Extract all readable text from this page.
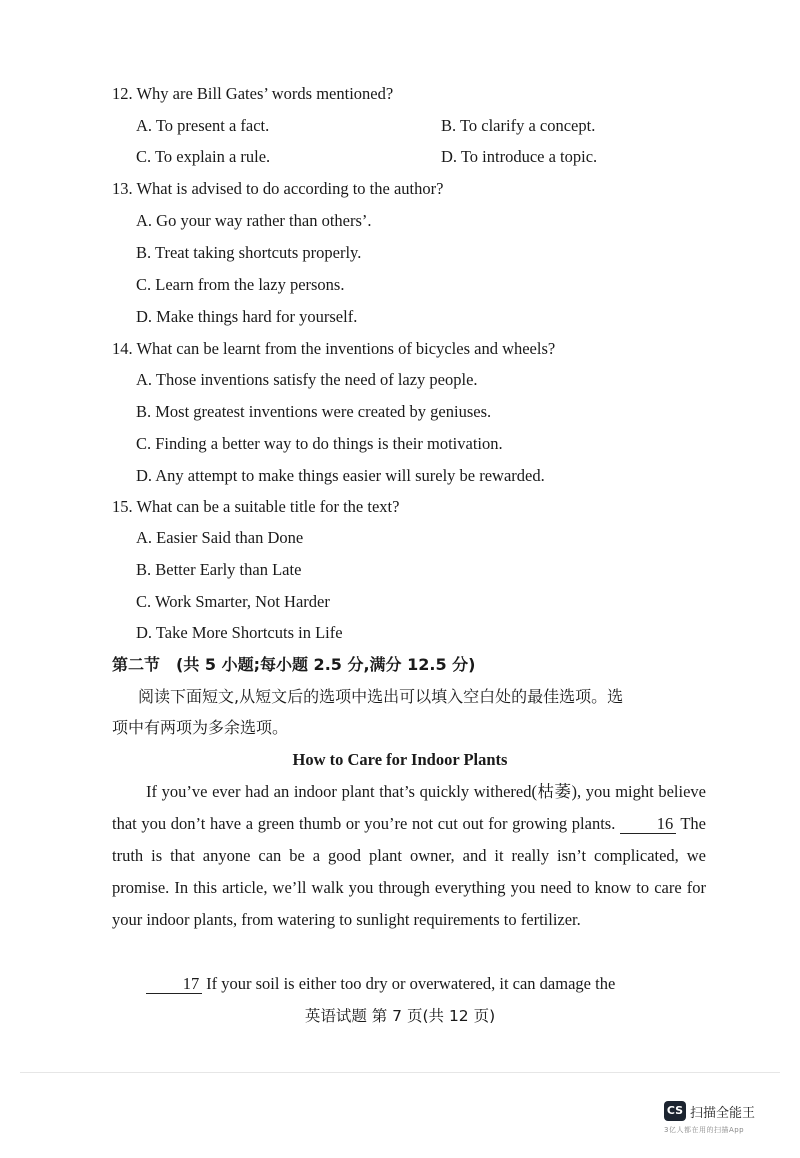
12. Why are Bill Gates’ words mentioned?
A. To present a fact.	B. To clarify a concept.
C. To explain a rule.	D. To introduce a topic.
13. What is advised to do according to the author?
A. Go your way rather than others’.
B. Treat taking shortcuts properly.
C. Learn from the lazy persons.
D. Make things hard for yourself.
14. What can be learnt from the inventions of bicycles and wheels?
A. Those inventions satisfy the need of lazy people.
B. Most greatest inventions were created by geniuses.
C. Finding a better way to do things is their motivation.
D. Any attempt to make things easier will surely be rewarded.
15. What can be a suitable title for the text?
A. Easier Said than Done
B. Better Early than Late
C. Work Smarter, Not Harder
D. Take More Shortcuts in Life
第二节　(共 5 小题;每小题 2.5 分,满分 12.5 分)
阅读下面短文,从短文后的选项中选出可以填入空白处的最佳选项。选
项中有两项为多余选项。
How to Care for Indoor Plants
If you’ve ever had an indoor plant that’s quickly withered(枯萎), you might believe that you don’t have a green thumb or you’re not cut out for growing plants.	16 The truth is that anyone can be a good plant owner, and it really isn’t complicated, we promise. In this article, we’ll walk you through everything you need to know to care for your indoor plants, from watering to sunlight requirements to fertilizer.
17 If your soil is either too dry or overwatered, it can damage the
英语试题 第 7 页(共 12 页)
CS 扫描全能王
3亿人都在用的扫描App
